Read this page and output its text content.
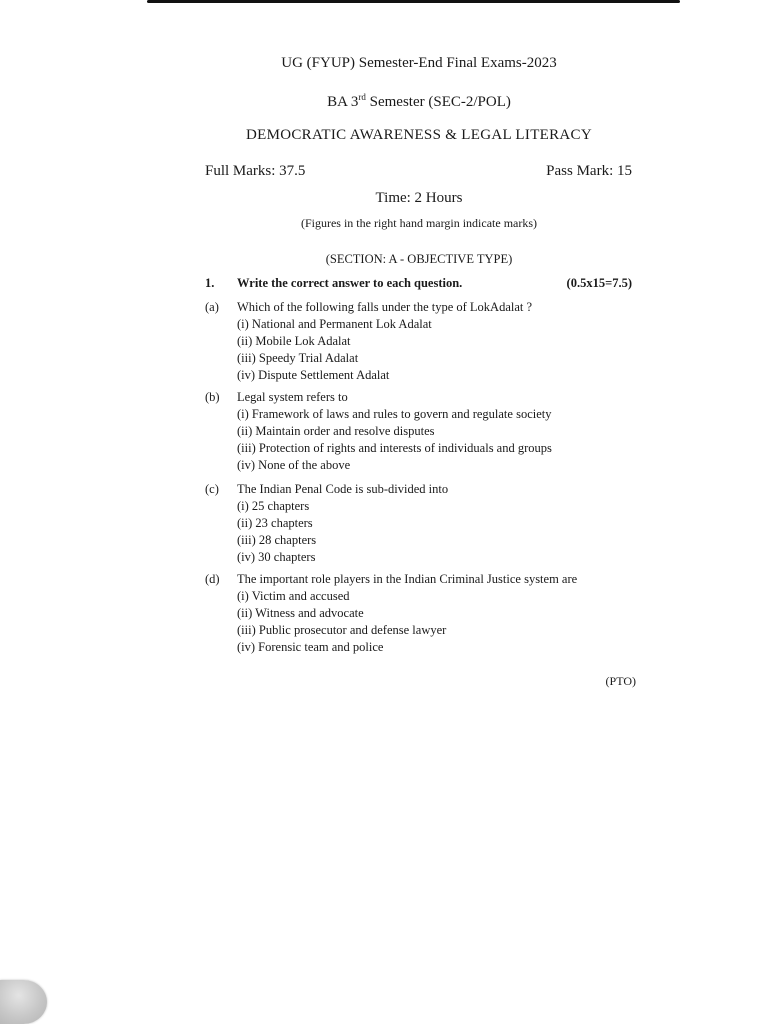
UG (FYUP) Semester-End Final Exams-2023
BA 3rd Semester (SEC-2/POL)
DEMOCRATIC AWARENESS & LEGAL LITERACY
Full Marks: 37.5	Pass Mark: 15
Time: 2 Hours
(Figures in the right hand margin indicate marks)
(SECTION: A - OBJECTIVE TYPE)
1.	Write the correct answer to each question.	(0.5x15=7.5)
(a)	Which of the following falls under the type of LokAdalat ?
(i) National and Permanent Lok Adalat
(ii) Mobile Lok Adalat
(iii) Speedy Trial Adalat
(iv) Dispute Settlement Adalat
(b)	Legal system refers to
(i) Framework of laws and rules to govern and regulate society
(ii) Maintain order and resolve disputes
(iii) Protection of rights and interests of individuals and groups
(iv) None of the above
(c)	The Indian Penal Code is sub-divided into
(i) 25 chapters
(ii) 23 chapters
(iii) 28 chapters
(iv) 30 chapters
(d)	The important role players in the Indian Criminal Justice system are
(i) Victim and accused
(ii) Witness and advocate
(iii) Public prosecutor and defense lawyer
(iv) Forensic team and police
(PTO)
